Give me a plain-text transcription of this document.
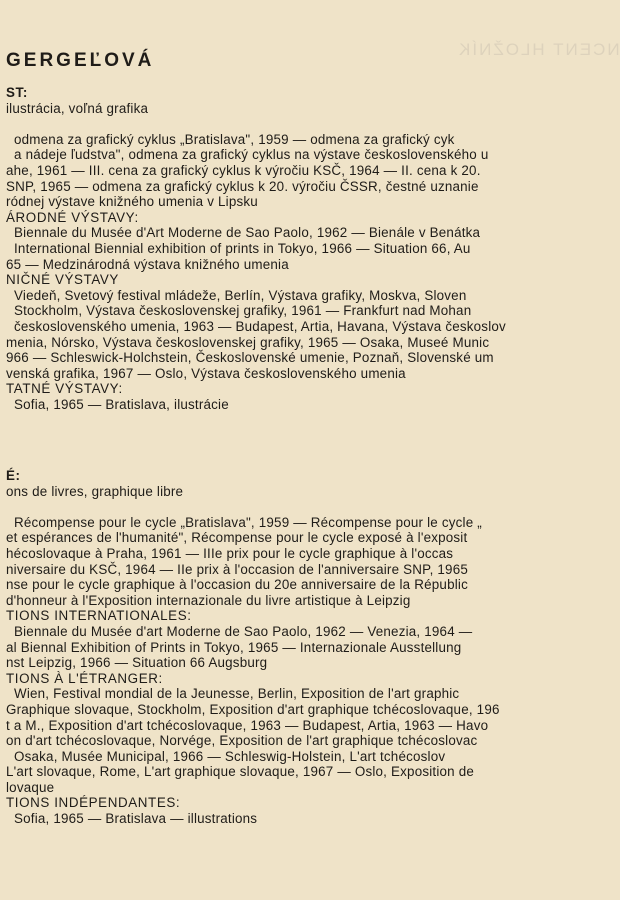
NCENT HLOŽNÍK
GERGEĽOVÁ
ST:
ilustrácia, voľná grafika
odmena za grafický cyklus „Bratislava", 1959 — odmena za grafický cyk
a nádeje ľudstva", odmena za grafický cyklus na výstave československého u
ahe, 1961 — III. cena za grafický cyklus k výročiu KSČ, 1964 — II. cena k 20.
SNP, 1965 — odmena za grafický cyklus k 20. výročiu ČSSR, čestné uznanie
ródnej výstave knižného umenia v Lipsku
ÁRODNÉ VÝSTAVY:
Biennale du Musée d'Art Moderne de Sao Paolo, 1962 — Bienále v Benátka
International Biennial exhibition of prints in Tokyo, 1966 — Situation 66, Au
65 — Medzinárodná výstava knižného umenia
NIČNÉ VÝSTAVY
Viedeň, Svetový festival mládeže, Berlín, Výstava grafiky, Moskva, Sloven
Stockholm, Výstava československej grafiky, 1961 — Frankfurt nad Mohan
československého umenia, 1963 — Budapest, Artia, Havana, Výstava českoslov
menia, Nórsko, Výstava československej grafiky, 1965 — Osaka, Museé Munic
966 — Schleswick-Holchstein, Československé umenie, Poznaň, Slovenské um
venská grafika, 1967 — Oslo, Výstava československého umenia
TATNÉ VÝSTAVY:
Sofia, 1965 — Bratislava, ilustrácie
É:
ons de livres, graphique libre
Récompense pour le cycle „Bratislava", 1959 — Récompense pour le cycle „
et espérances de l'humanité", Récompense pour le cycle exposé à l'exposit
hécoslovaque à Praha, 1961 — IIIe prix pour le cycle graphique à l'occas
niversaire du KSČ, 1964 — IIe prix à l'occasion de l'anniversaire SNP, 1965
nse pour le cycle graphique à l'occasion du 20e anniversaire de la Républic
d'honneur à l'Exposition internazionale du livre artistique à Leipzig
TIONS INTERNATIONALES:
Biennale du Musée d'art Moderne de Sao Paolo, 1962 — Venezia, 1964 —
al Biennal Exhibition of Prints in Tokyo, 1965 — Internazionale Ausstellung
nst Leipzig, 1966 — Situation 66 Augsburg
TIONS À L'ÉTRANGER:
Wien, Festival mondial de la Jeunesse, Berlin, Exposition de l'art graphic
Graphique slovaque, Stockholm, Exposition d'art graphique tchécoslovaque, 196
t a M., Exposition d'art tchécoslovaque, 1963 — Budapest, Artia, 1963 — Havo
on d'art tchécoslovaque, Norvége, Exposition de l'art graphique tchécoslovac
Osaka, Musée Municipal, 1966 — Schleswig-Holstein, L'art tchécoslov
L'art slovaque, Rome, L'art graphique slovaque, 1967 — Oslo, Exposition de
lovaque
TIONS INDÉPENDANTES:
Sofia, 1965 — Bratislava — illustrations
